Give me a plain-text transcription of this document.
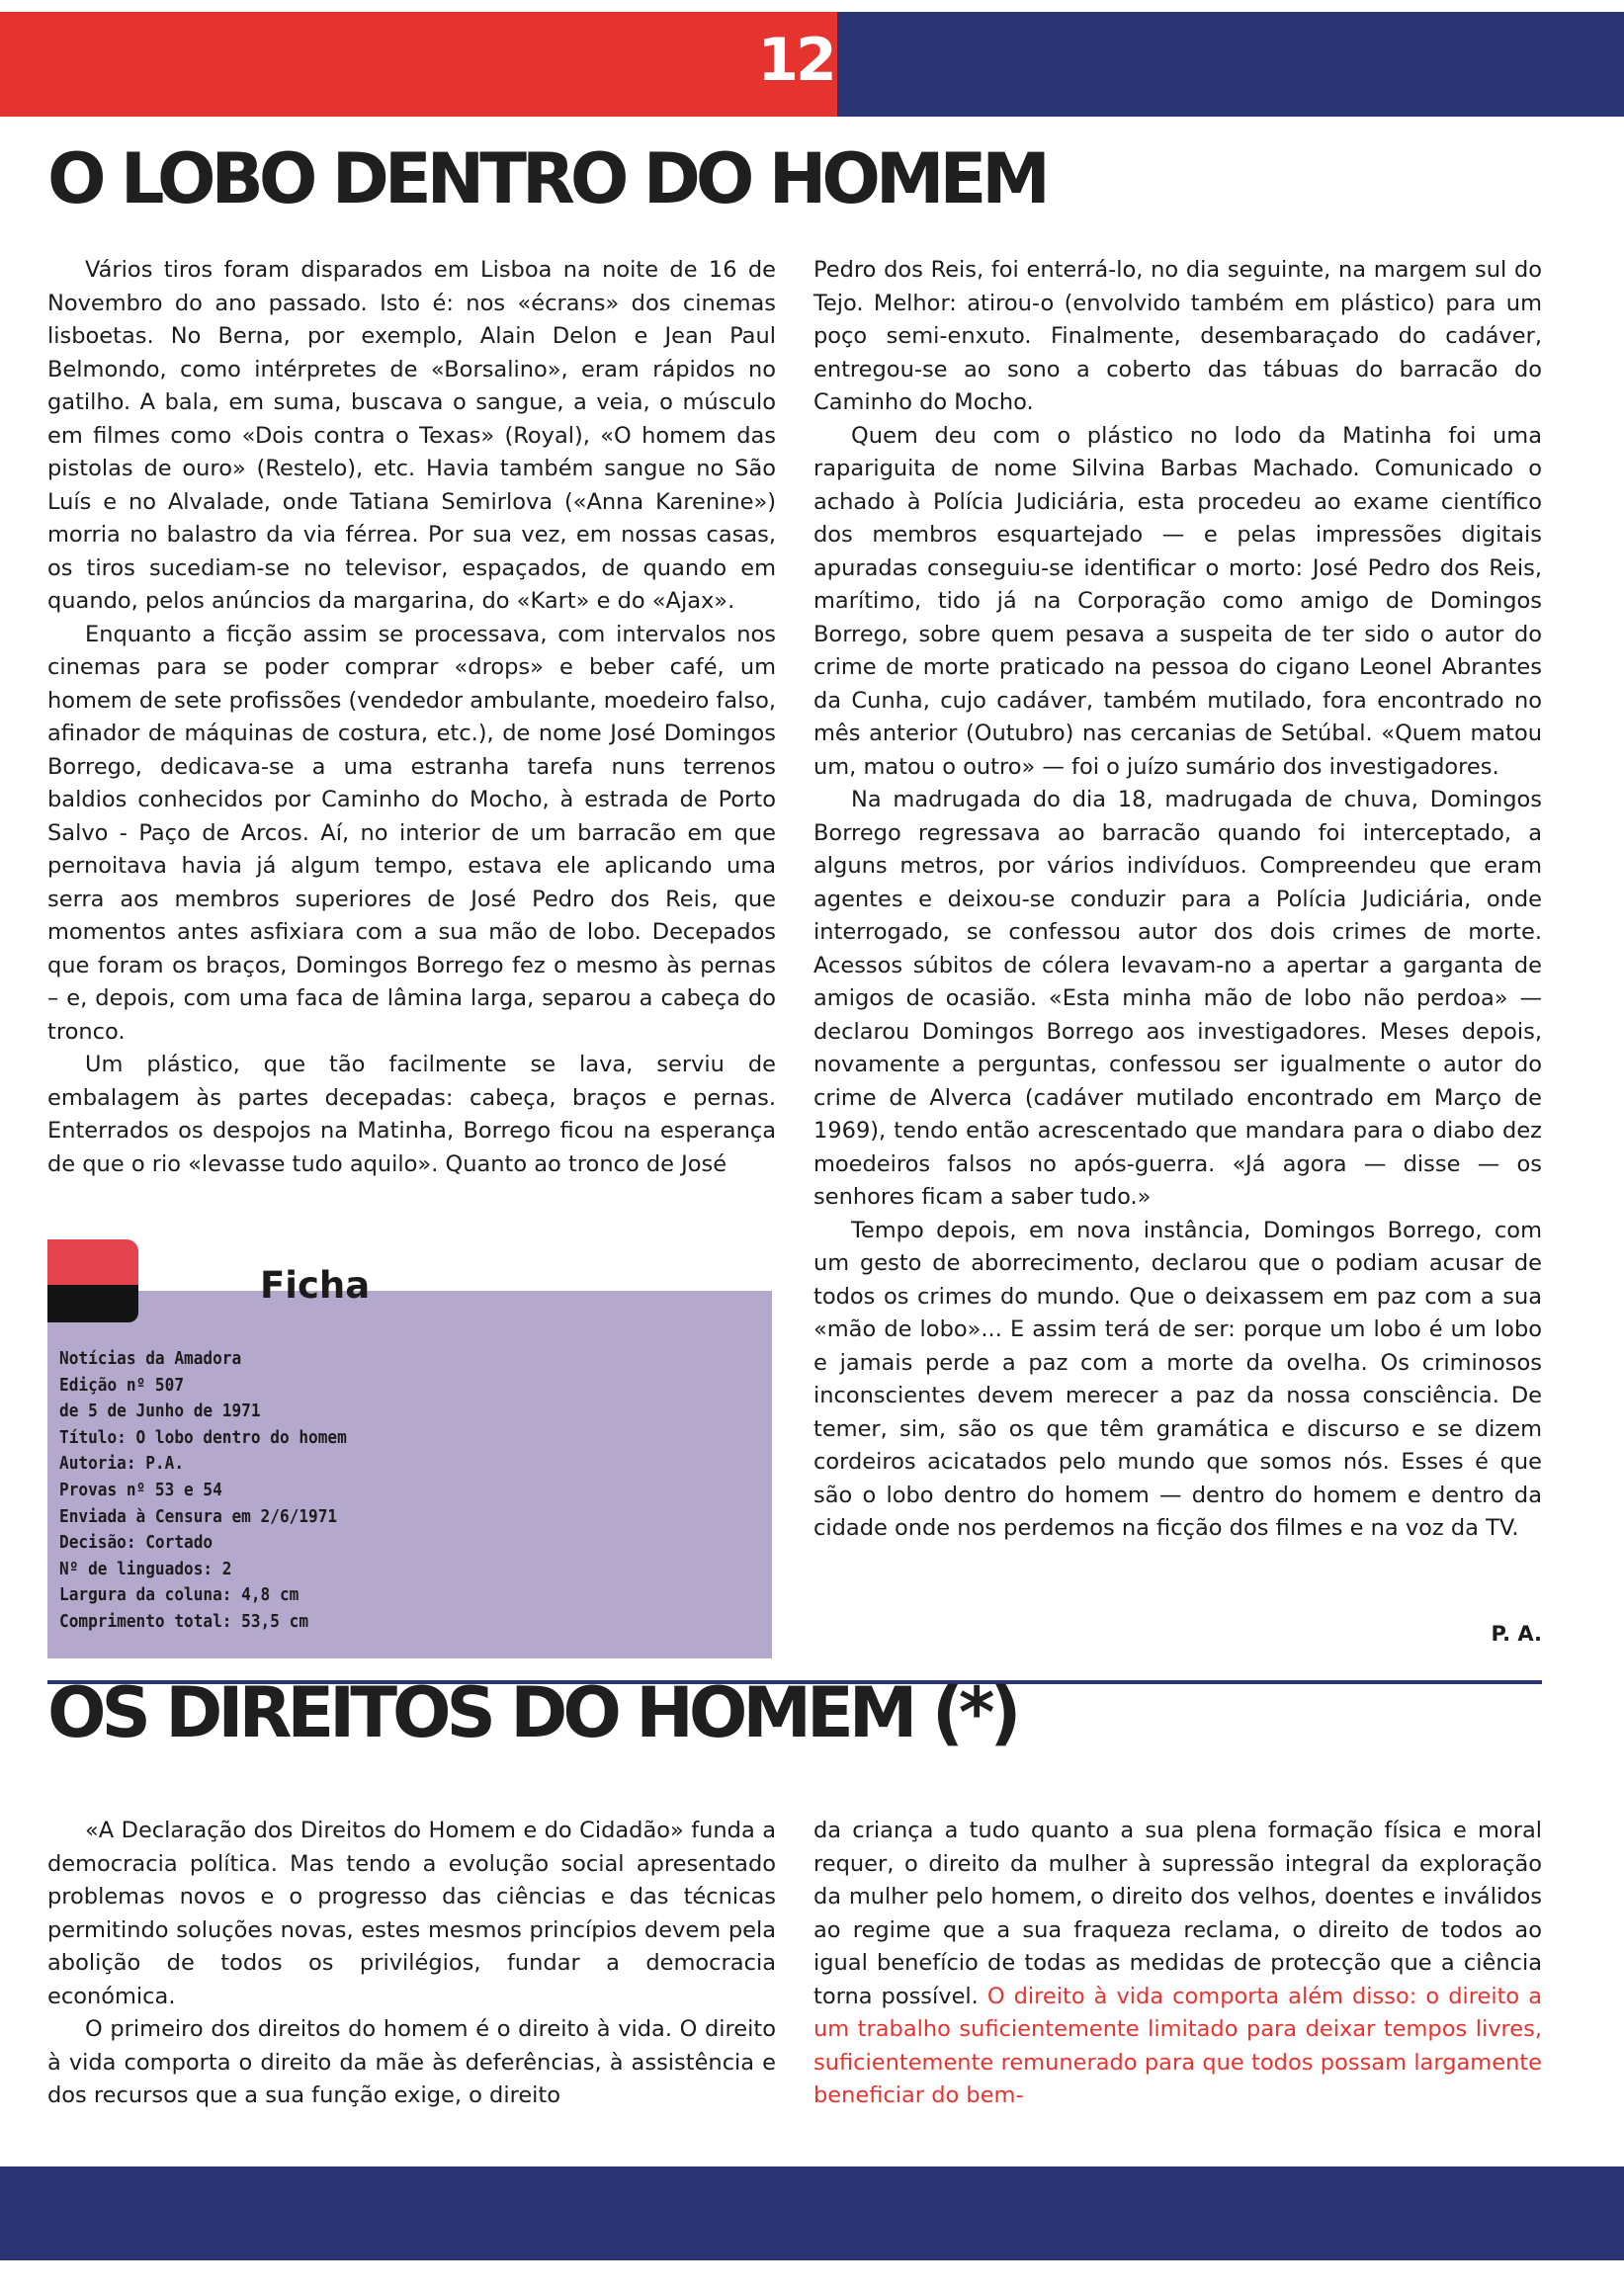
12
O LOBO DENTRO DO HOMEM

Vários tiros foram disparados em Lisboa na noite de 16 de Novembro do ano passado. Isto é: nos «écrans» dos cinemas lisboetas. No Berna, por exemplo, Alain Delon e Jean Paul Belmondo, como intérpretes de «Borsalino», eram rápidos no gatilho. A bala, em suma, buscava o sangue, a veia, o músculo em filmes como «Dois contra o Texas» (Royal), «O homem das pistolas de ouro» (Restelo), etc. Havia também sangue no São Luís e no Alvalade, onde Tatiana Semirlova («Anna Karenine») morria no balastro da via férrea. Por sua vez, em nossas casas, os tiros sucediam-se no televisor, espaçados, de quando em quando, pelos anúncios da margarina, do «Kart» e do «Ajax».

Enquanto a ficção assim se processava, com intervalos nos cinemas para se poder comprar «drops» e beber café, um homem de sete profissões (vendedor ambulante, moedeiro falso, afinador de máquinas de costura, etc.), de nome José Domingos Borrego, dedicava-se a uma estranha tarefa nuns terrenos baldios conhecidos por Caminho do Mocho, à estrada de Porto Salvo - Paço de Arcos. Aí, no interior de um barracão em que pernoitava havia já algum tempo, estava ele aplicando uma serra aos membros superiores de José Pedro dos Reis, que momentos antes asfixiara com a sua mão de lobo. Decepados que foram os braços, Domingos Borrego fez o mesmo às pernas – e, depois, com uma faca de lâmina larga, separou a cabeça do tronco.

Um plástico, que tão facilmente se lava, serviu de embalagem às partes decepadas: cabeça, braços e pernas. Enterrados os despojos na Matinha, Borrego ficou na esperança de que o rio «levasse tudo aquilo». Quanto ao tronco de José

Pedro dos Reis, foi enterrá-lo, no dia seguinte, na margem sul do Tejo. Melhor: atirou-o (envolvido também em plástico) para um poço semi-enxuto. Finalmente, desembaraçado do cadáver, entregou-se ao sono a coberto das tábuas do barracão do Caminho do Mocho.

Quem deu com o plástico no lodo da Matinha foi uma rapariguita de nome Silvina Barbas Machado. Comunicado o achado à Polícia Judiciária, esta procedeu ao exame científico dos membros esquartejado — e pelas impressões digitais apuradas conseguiu-se identificar o morto: José Pedro dos Reis, marítimo, tido já na Corporação como amigo de Domingos Borrego, sobre quem pesava a suspeita de ter sido o autor do crime de morte praticado na pessoa do cigano Leonel Abrantes da Cunha, cujo cadáver, também mutilado, fora encontrado no mês anterior (Outubro) nas cercanias de Setúbal. «Quem matou um, matou o outro» — foi o juízo sumário dos investigadores.

Na madrugada do dia 18, madrugada de chuva, Domingos Borrego regressava ao barracão quando foi interceptado, a alguns metros, por vários indivíduos. Compreendeu que eram agentes e deixou-se conduzir para a Polícia Judiciária, onde interrogado, se confessou autor dos dois crimes de morte. Acessos súbitos de cólera levavam-no a apertar a garganta de amigos de ocasião. «Esta minha mão de lobo não perdoa» — declarou Domingos Borrego aos investigadores. Meses depois, novamente a perguntas, confessou ser igualmente o autor do crime de Alverca (cadáver mutilado encontrado em Março de 1969), tendo então acrescentado que mandara para o diabo dez moedeiros falsos no após-guerra. «Já agora — disse — os senhores ficam a saber tudo.»

Tempo depois, em nova instância, Domingos Borrego, com um gesto de aborrecimento, declarou que o podiam acusar de todos os crimes do mundo. Que o deixassem em paz com a sua «mão de lobo»... E assim terá de ser: porque um lobo é um lobo e jamais perde a paz com a morte da ovelha. Os criminosos inconscientes devem merecer a paz da nossa consciência. De temer, sim, são os que têm gramática e discurso e se dizem cordeiros acicatados pelo mundo que somos nós. Esses é que são o lobo dentro do homem — dentro do homem e dentro da cidade onde nos perdemos na ficção dos filmes e na voz da TV.

P. A.
Ficha
Notícias da Amadora
Edição nº 507
de 5 de Junho de 1971
Título: O lobo dentro do homem
Autoria: P.A.
Provas nº 53 e 54
Enviada à Censura em 2/6/1971
Decisão: Cortado
Nº de linguados: 2
Largura da coluna: 4,8 cm
Comprimento total: 53,5 cm
OS DIREITOS DO HOMEM (*)

«A Declaração dos Direitos do Homem e do Cidadão» funda a democracia política. Mas tendo a evolução social apresentado problemas novos e o progresso das ciências e das técnicas permitindo soluções novas, estes mesmos princípios devem pela abolição de todos os privilégios, fundar a democracia económica.

O primeiro dos direitos do homem é o direito à vida. O direito à vida comporta o direito da mãe às deferências, à assistência e dos recursos que a sua função exige, o direito

da criança a tudo quanto a sua plena formação física e moral requer, o direito da mulher à supressão integral da exploração da mulher pelo homem, o direito dos velhos, doentes e inválidos ao regime que a sua fraqueza reclama, o direito de todos ao igual benefício de todas as medidas de protecção que a ciência torna possível. O direito à vida comporta além disso: o direito a um trabalho suficientemente limitado para deixar tempos livres, suficientemente remunerado para que todos possam largamente beneficiar do bem-
